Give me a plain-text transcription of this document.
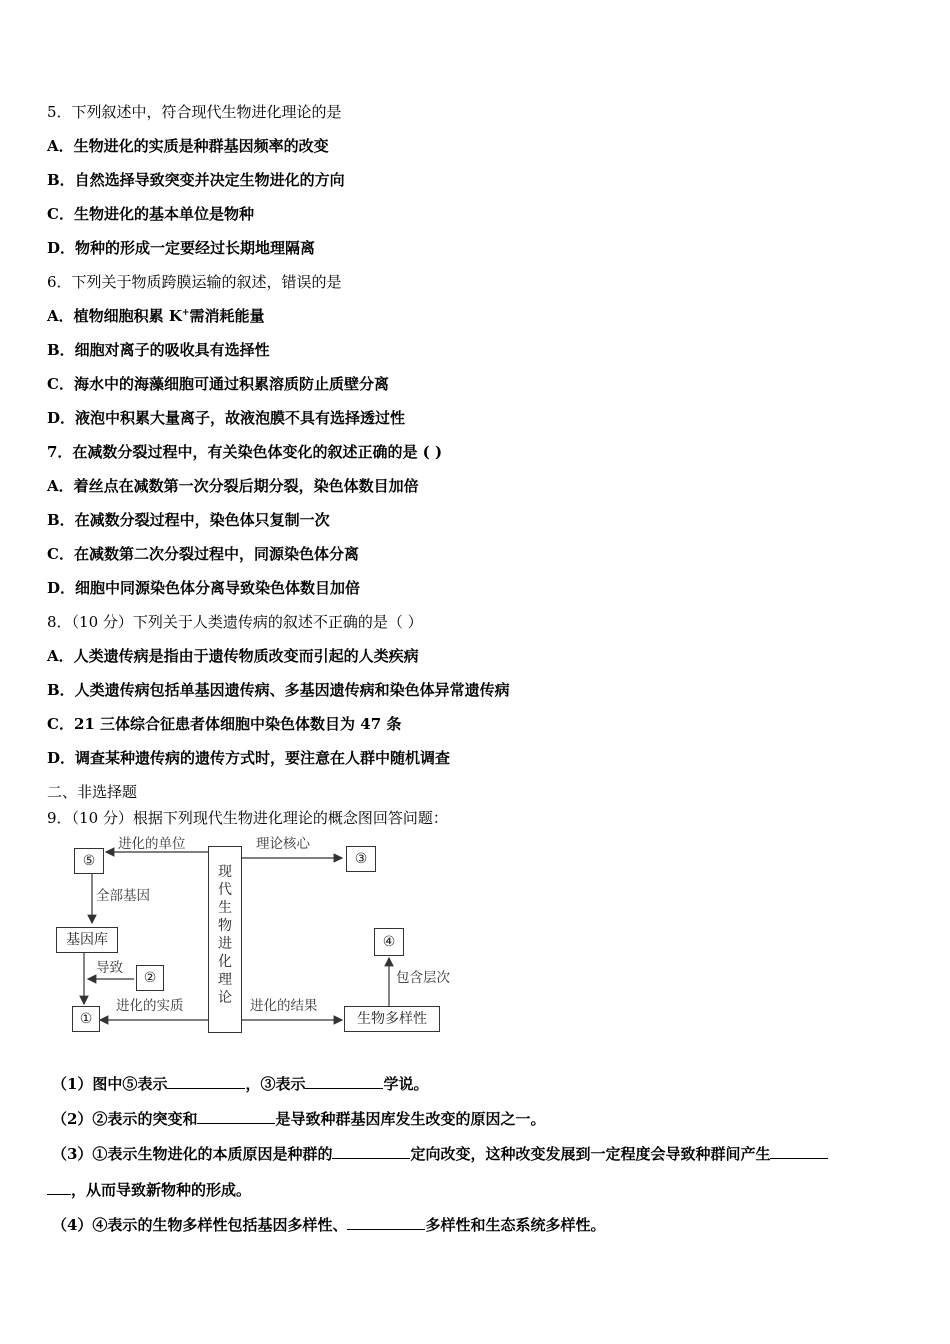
5．下列叙述中，符合现代生物进化理论的是
A．生物进化的实质是种群基因频率的改变
B．自然选择导致突变并决定生物进化的方向
C．生物进化的基本单位是物种
D．物种的形成一定要经过长期地理隔离
6．下列关于物质跨膜运输的叙述，错误的是
A．植物细胞积累 K+需消耗能量
B．细胞对离子的吸收具有选择性
C．海水中的海藻细胞可通过积累溶质防止质壁分离
D．液泡中积累大量离子，故液泡膜不具有选择透过性
7．在减数分裂过程中，有关染色体变化的叙述正确的是 ( )
A．着丝点在减数第一次分裂后期分裂，染色体数目加倍
B．在减数分裂过程中，染色体只复制一次
C．在减数第二次分裂过程中，同源染色体分离
D．细胞中同源染色体分离导致染色体数目加倍
8．（10 分）下列关于人类遗传病的叙述不正确的是（ ）
A．人类遗传病是指由于遗传物质改变而引起的人类疾病
B．人类遗传病包括单基因遗传病、多基因遗传病和染色体异常遗传病
C．21 三体综合征患者体细胞中染色体数目为 47 条
D．调查某种遗传病的遗传方式时，要注意在人群中随机调查
二、非选择题
9．（10 分）根据下列现代生物进化理论的概念图回答问题：
⑤
进化的单位
现
代
生
物
进
化
理
论
理论核心
③
全部基因
基因库
导致
②
①
进化的实质	进化的结果
生物多样性
④
包含层次
（1）图中⑤表示	，③表示	学说。
（2）②表示的突变和	是导致种群基因库发生改变的原因之一。
（3）①表示生物进化的本质原因是种群的	定向改变，这种改变发展到一定程度会导致种群间产生
，从而导致新物种的形成。
（4）④表示的生物多样性包括基因多样性、	多样性和生态系统多样性。
